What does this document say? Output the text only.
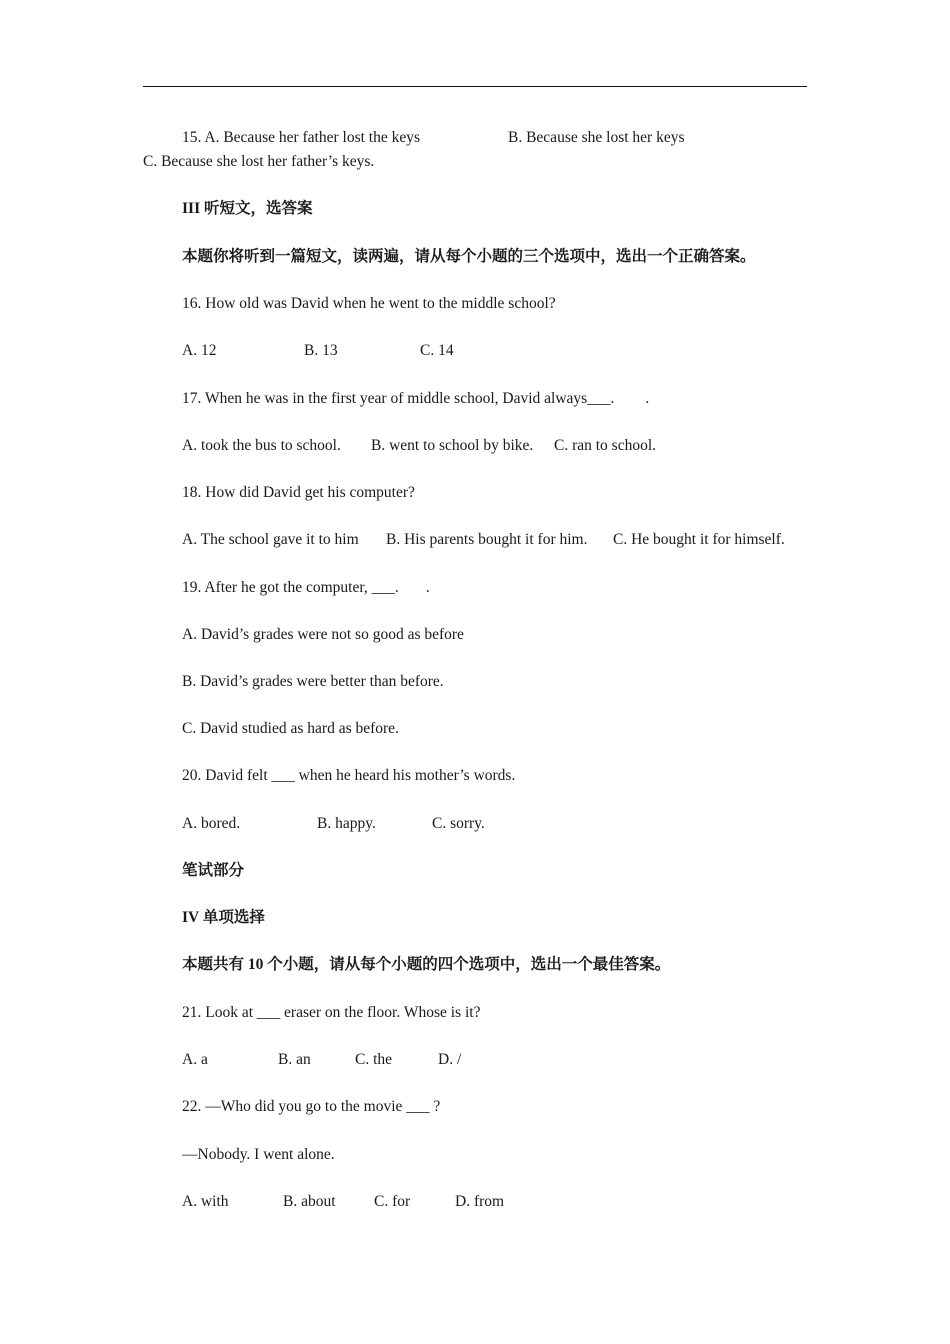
15. A. Because her father lost the keys	B. Because she lost her keys
C. Because she lost her father’s keys.
III 听短文，选答案
本题你将听到一篇短文，读两遍，请从每个小题的三个选项中，选出一个正确答案。
16. How old was David when he went to the middle school?
A. 12	B. 13	C. 14
17. When he was in the first year of middle school, David always___.        .
A. took the bus to school. B. went to school by bike. C. ran to school.
18. How did David get his computer?
A. The school gave it to him B. His parents bought it for him. C. He bought it for himself.
19. After he got the computer, ___.       .
A. David’s grades were not so good as before
B. David’s grades were better than before.
C. David studied as hard as before.
20. David felt ___ when he heard his mother’s words.
A. bored.	B. happy.	C. sorry.
笔试部分
IV 单项选择
本题共有 10 个小题，请从每个小题的四个选项中，选出一个最佳答案。
21. Look at ___ eraser on the floor. Whose is it?
A. a	B. an	C. the	D. /
22. —Who did you go to the movie ___ ?
—Nobody. I went alone.
A. with	B. about C. for	D. from
